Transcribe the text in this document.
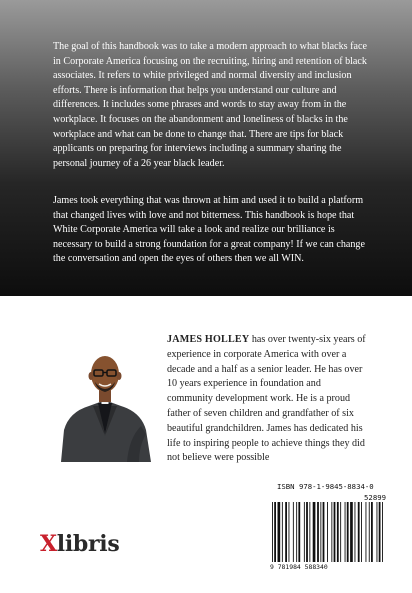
The goal of this handbook was to take a modern approach to what blacks face in Corporate America focusing on the recruiting, hiring and retention of black associates. It refers to white privileged and normal diversity and inclusion efforts. There is information that helps you understand our culture and differences. It includes some phrases and words to stay away from in the workplace. It focuses on the abandonment and loneliness of blacks in the workplace and what can be done to change that. There are tips for black applicants on preparing for interviews including a summary sharing the personal journey of a 26 year black leader.

James took everything that was thrown at him and used it to build a platform that changed lives with love and not bitterness. This handbook is hope that White Corporate America will take a look and realize our brilliance is necessary to build a strong foundation for a great company! If we can change the conversation and open the eyes of others then we all WIN.

JAMES HOLLEY has over twenty-six years of experience in corporate America with over a decade and a half as a senior leader. He has over 10 years experience in foundation and community development work. He is a proud father of seven children and grandfather of six beautiful grandchildren. James has dedicated his life to inspiring people to achieve things they did not believe were possible

Xlibris
ISBN 978-1-9845-8834-0
52899
9 781984 588340
